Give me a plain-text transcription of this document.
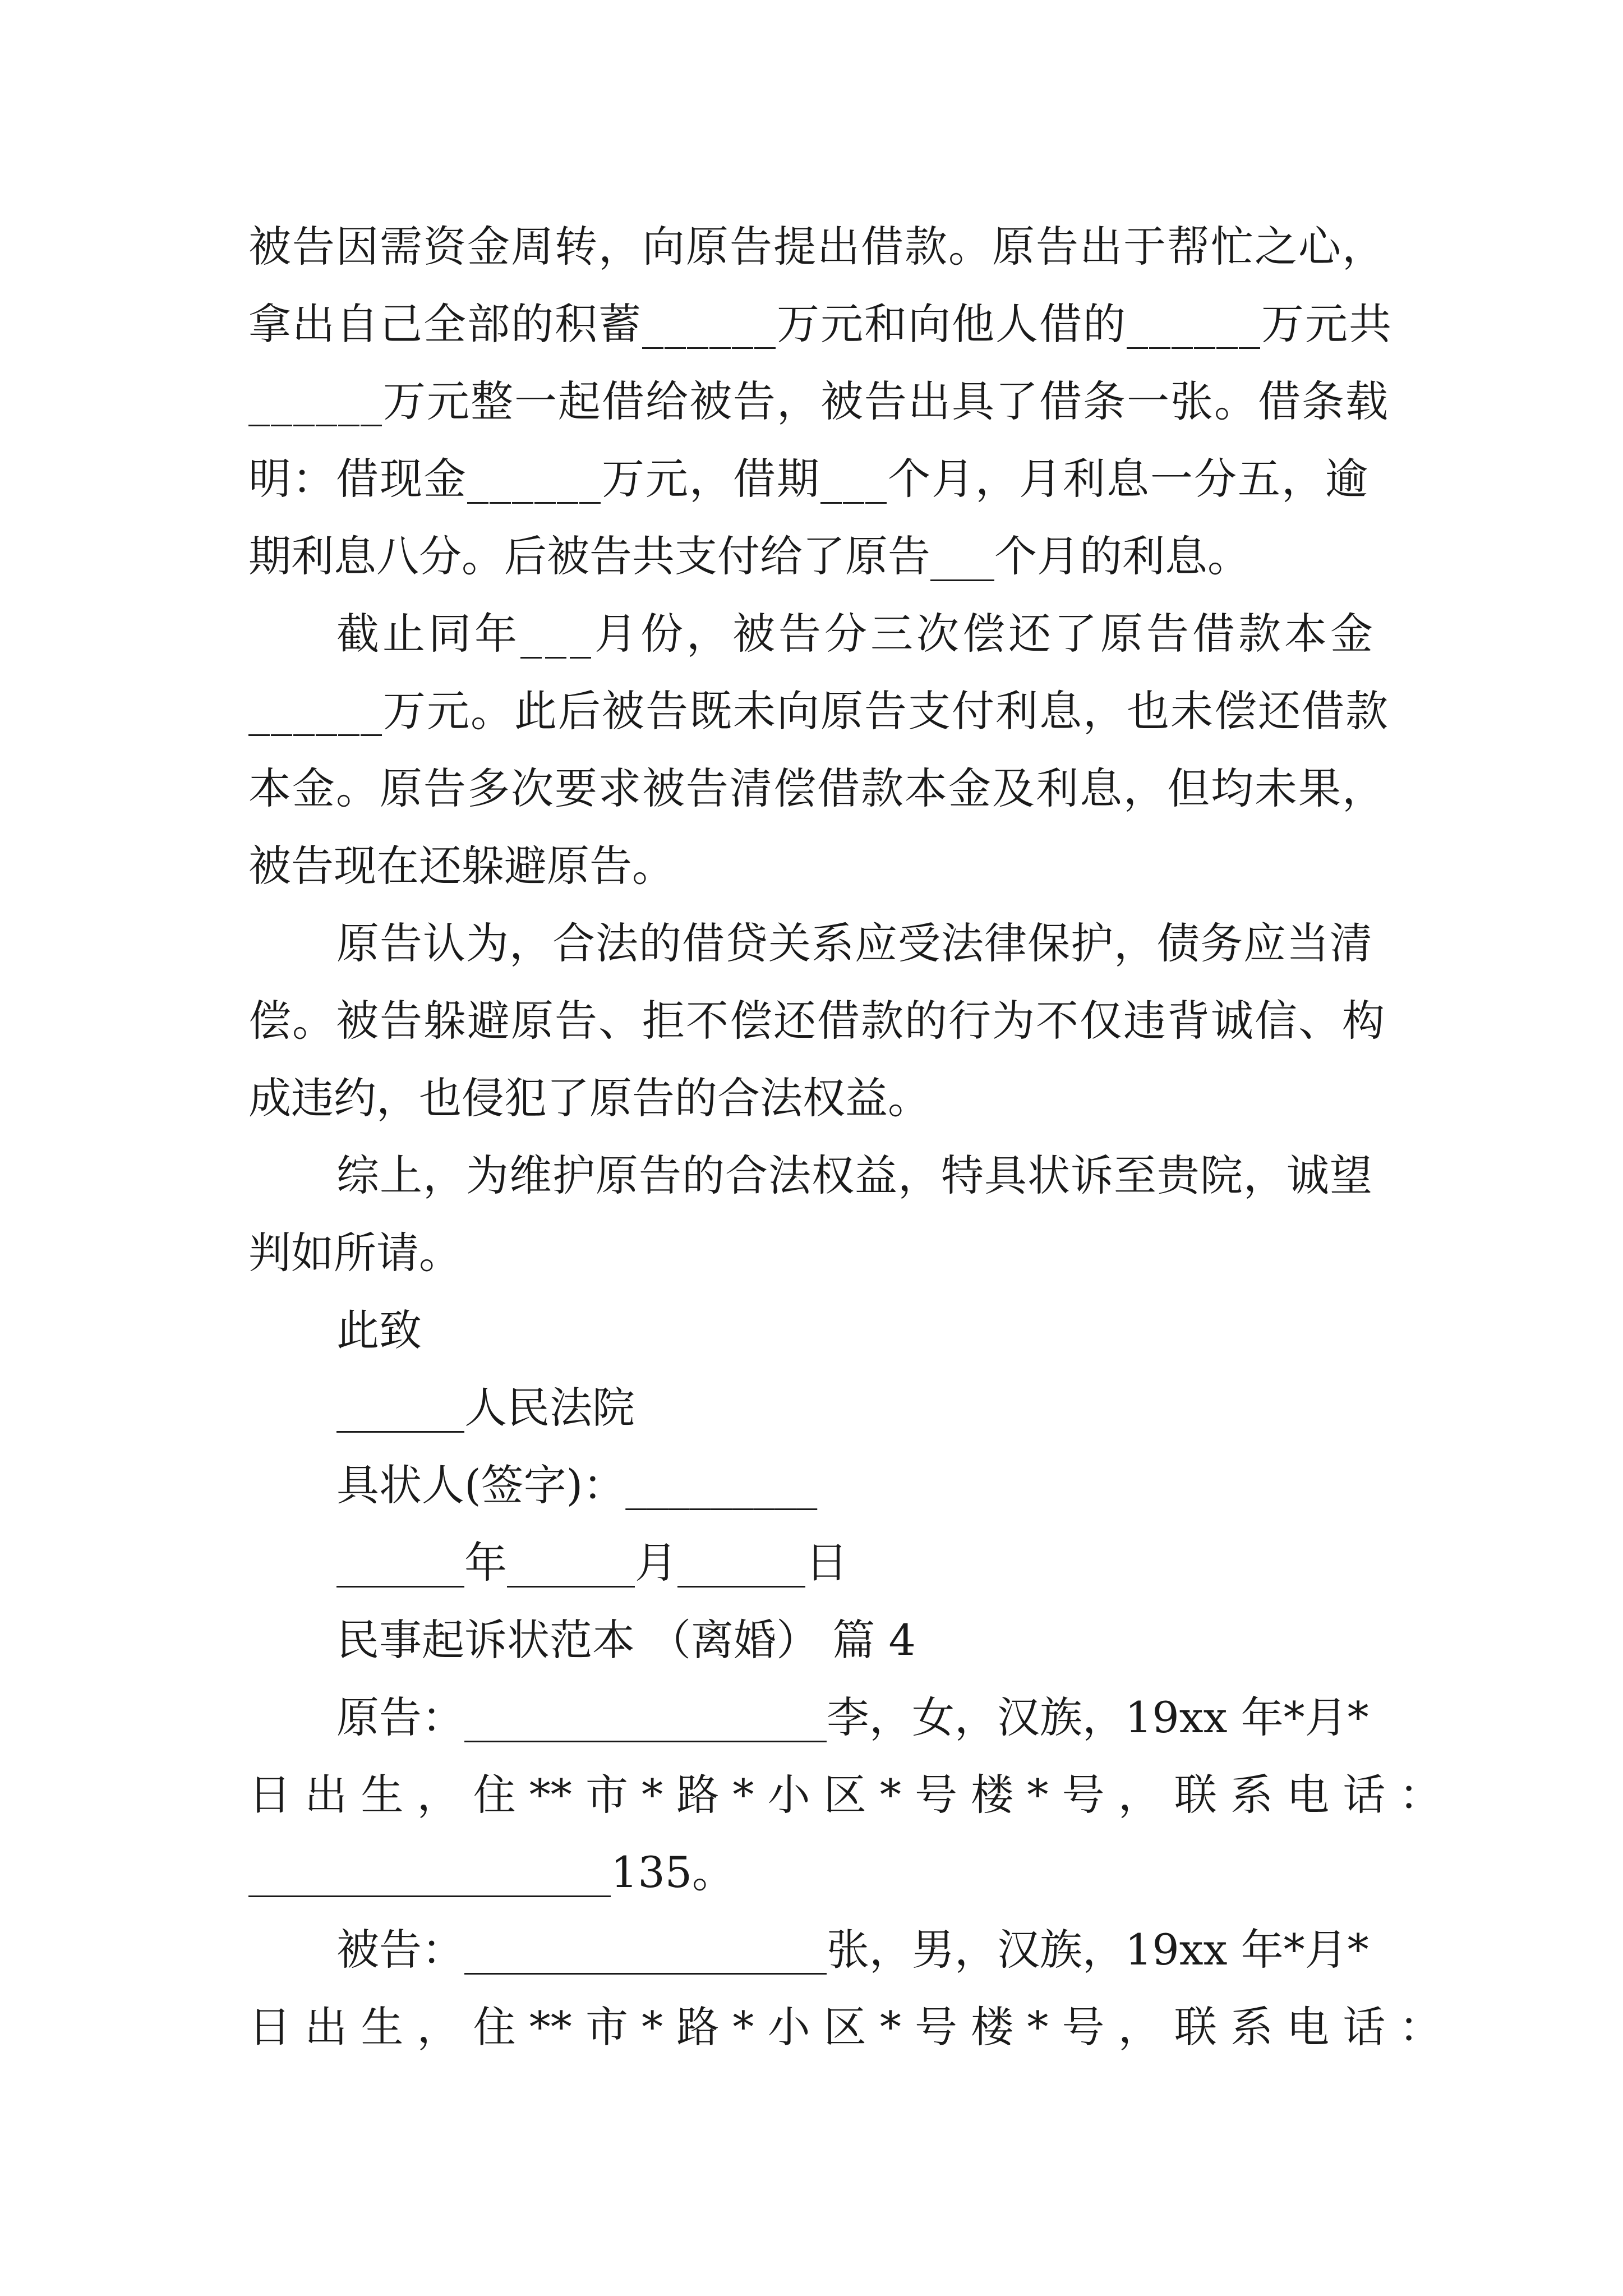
被告因需资金周转，向原告提出借款。原告出于帮忙之心，
拿出自己全部的积蓄______万元和向他人借的______万元共
______万元整一起借给被告，被告出具了借条一张。借条载
明：借现金______万元，借期___个月，月利息一分五，逾
期利息八分。后被告共支付给了原告___个月的利息。
截止同年___月份，被告分三次偿还了原告借款本金
______万元。此后被告既未向原告支付利息，也未偿还借款
本金。原告多次要求被告清偿借款本金及利息，但均未果，
被告现在还躲避原告。
原告认为，合法的借贷关系应受法律保护，债务应当清
偿。被告躲避原告、拒不偿还借款的行为不仅违背诚信、构
成违约，也侵犯了原告的合法权益。
综上，为维护原告的合法权益，特具状诉至贵院，诚望
判如所请。
此致
______人民法院
具状人(签字)：_________
______年______月______日
民事起诉状范本 （离婚） 篇 4
原告：_________________李，女，汉族，19xx 年*月*
日 出 生 ， 住 ** 市 * 路 * 小 区 * 号 楼 * 号 ， 联 系 电 话 ：
_________________135。
被告：_________________张，男，汉族，19xx 年*月*
日 出 生 ， 住 ** 市 * 路 * 小 区 * 号 楼 * 号 ， 联 系 电 话 ：
